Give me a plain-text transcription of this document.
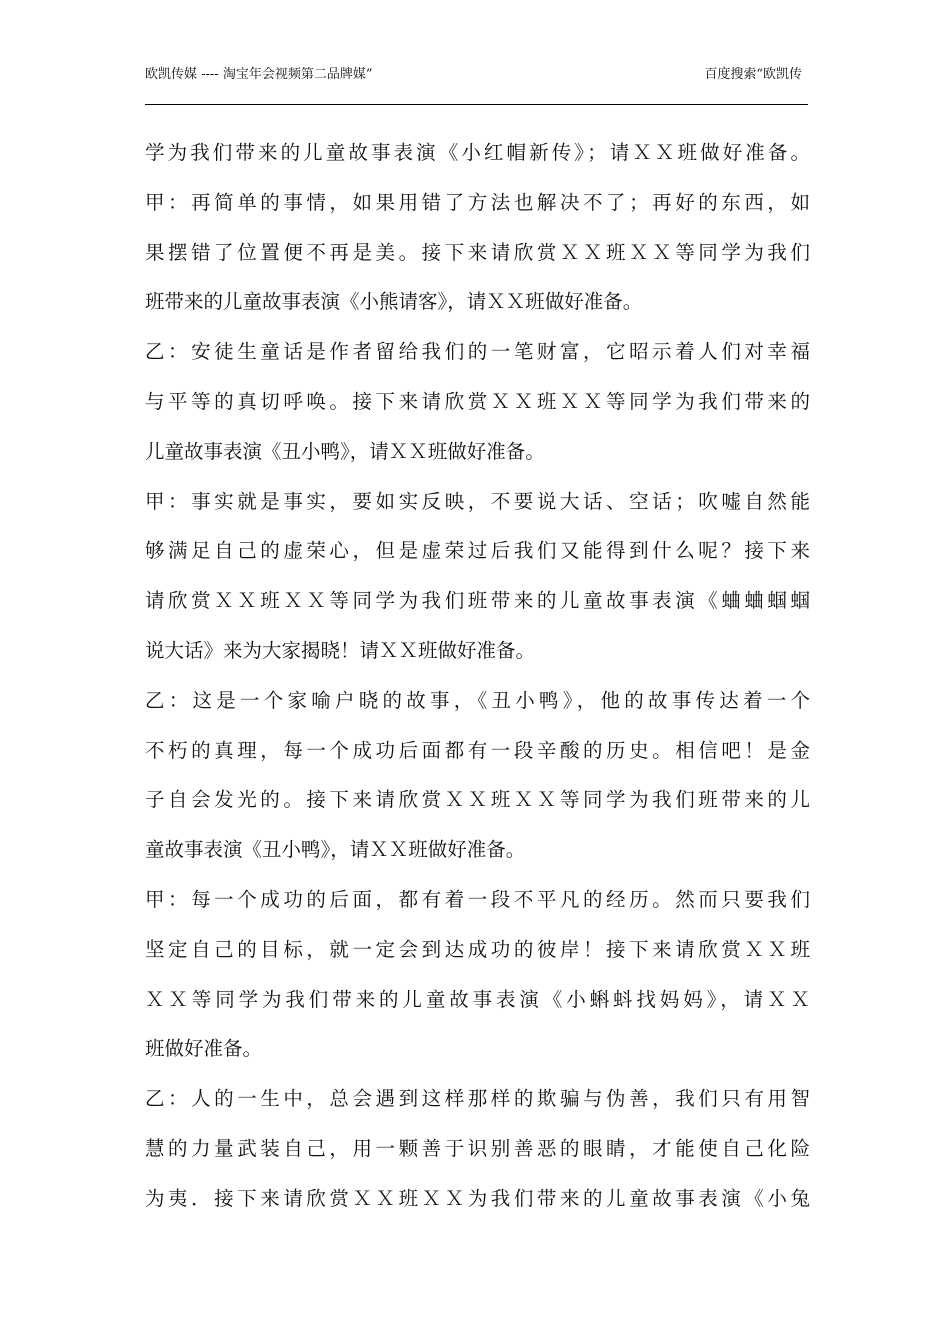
欧凯传媒 ---- 淘宝年会视频第二品牌媒”	百度搜索“欧凯传
学为我们带来的儿童故事表演《小红帽新传》；请ＸＸ班做好准备。
甲：再简单的事情，如果用错了方法也解决不了；再好的东西，如
果摆错了位置便不再是美。接下来请欣赏ＸＸ班ＸＸ等同学为我们
班带来的儿童故事表演《小熊请客》，请ＸＸ班做好准备。
乙：安徒生童话是作者留给我们的一笔财富，它昭示着人们对幸福
与平等的真切呼唤。接下来请欣赏ＸＸ班ＸＸ等同学为我们带来的
儿童故事表演《丑小鸭》，请ＸＸ班做好准备。
甲：事实就是事实，要如实反映，不要说大话、空话；吹嘘自然能
够满足自己的虚荣心，但是虚荣过后我们又能得到什么呢？接下来
请欣赏ＸＸ班ＸＸ等同学为我们班带来的儿童故事表演《蛐蛐蝈蝈
说大话》来为大家揭晓！请ＸＸ班做好准备。
乙：这是一个家喻户晓的故事，《丑小鸭》，他的故事传达着一个
不朽的真理，每一个成功后面都有一段辛酸的历史。相信吧！是金
子自会发光的。接下来请欣赏ＸＸ班ＸＸ等同学为我们班带来的儿
童故事表演《丑小鸭》，请ＸＸ班做好准备。
甲：每一个成功的后面，都有着一段不平凡的经历。然而只要我们
坚定自己的目标，就一定会到达成功的彼岸！接下来请欣赏ＸＸ班
ＸＸ等同学为我们带来的儿童故事表演《小蝌蚪找妈妈》，请ＸＸ
班做好准备。
乙：人的一生中，总会遇到这样那样的欺骗与伪善，我们只有用智
慧的力量武装自己，用一颗善于识别善恶的眼睛，才能使自己化险
为夷．接下来请欣赏ＸＸ班ＸＸ为我们带来的儿童故事表演《小兔
